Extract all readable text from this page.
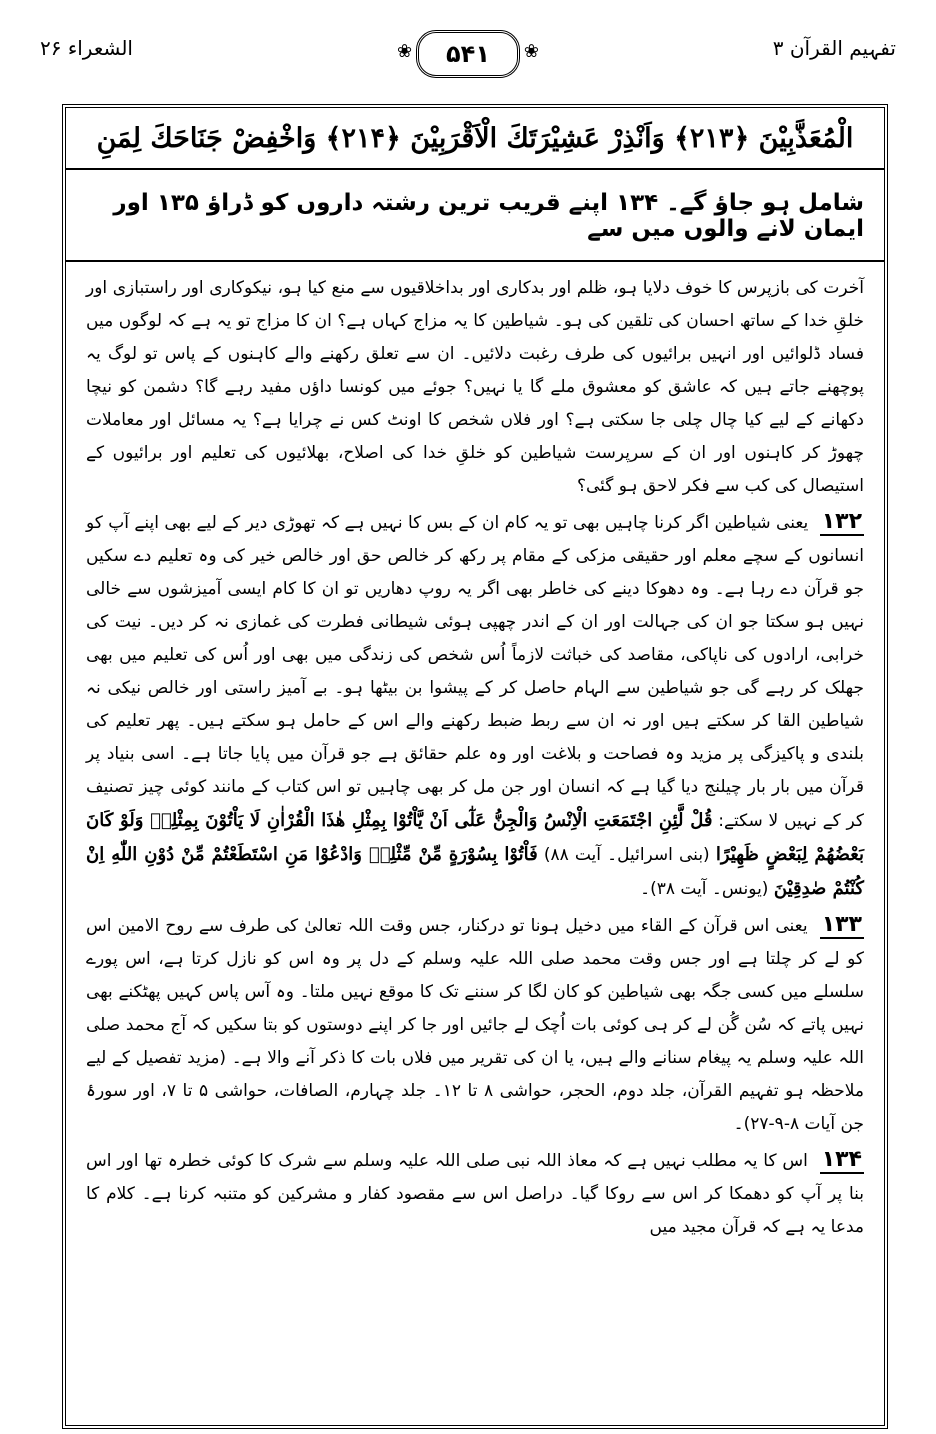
تفہیم القرآن ۳
❀ ۵۴۱ ❀
الشعراء ۲۶
الْمُعَذَّبِيْنَ ﴿۲۱۳﴾ وَاَنْذِرْ عَشِيْرَتَكَ الْاَقْرَبِيْنَ ﴿۲۱۴﴾ وَاخْفِضْ جَنَاحَكَ لِمَنِ
شامل ہو جاؤ گے۔ ۱۳۴ اپنے قریب ترین رشتہ داروں کو ڈراؤ ۱۳۵ اور ایمان لانے والوں میں سے

آخرت کی بازپرس کا خوف دلایا ہو، ظلم اور بدکاری اور بداخلاقیوں سے منع کیا ہو، نیکوکاری اور راستبازی اور خلقِ خدا کے ساتھ احسان کی تلقین کی ہو۔ شیاطین کا یہ مزاج کہاں ہے؟ ان کا مزاج تو یہ ہے کہ لوگوں میں فساد ڈلوائیں اور انہیں برائیوں کی طرف رغبت دلائیں۔ ان سے تعلق رکھنے والے کاہنوں کے پاس تو لوگ یہ پوچھنے جاتے ہیں کہ عاشق کو معشوق ملے گا یا نہیں؟ جوئے میں کونسا داؤں مفید رہے گا؟ دشمن کو نیچا دکھانے کے لیے کیا چال چلی جا سکتی ہے؟ اور فلاں شخص کا اونٹ کس نے چرایا ہے؟ یہ مسائل اور معاملات چھوڑ کر کاہنوں اور ان کے سرپرست شیاطین کو خلقِ خدا کی اصلاح، بھلائیوں کی تعلیم اور برائیوں کے استیصال کی کب سے فکر لاحق ہو گئی؟

۱۳۲ یعنی شیاطین اگر کرنا چاہیں بھی تو یہ کام ان کے بس کا نہیں ہے کہ تھوڑی دیر کے لیے بھی اپنے آپ کو انسانوں کے سچے معلم اور حقیقی مزکی کے مقام پر رکھ کر خالص حق اور خالص خیر کی وہ تعلیم دے سکیں جو قرآن دے رہا ہے۔ وہ دھوکا دینے کی خاطر بھی اگر یہ روپ دھاریں تو ان کا کام ایسی آمیزشوں سے خالی نہیں ہو سکتا جو ان کی جہالت اور ان کے اندر چھپی ہوئی شیطانی فطرت کی غمازی نہ کر دیں۔ نیت کی خرابی، ارادوں کی ناپاکی، مقاصد کی خباثت لازماً اُس شخص کی زندگی میں بھی اور اُس کی تعلیم میں بھی جھلک کر رہے گی جو شیاطین سے الہام حاصل کر کے پیشوا بن بیٹھا ہو۔ بے آمیز راستی اور خالص نیکی نہ شیاطین القا کر سکتے ہیں اور نہ ان سے ربط ضبط رکھنے والے اس کے حامل ہو سکتے ہیں۔ پھر تعلیم کی بلندی و پاکیزگی پر مزید وہ فصاحت و بلاغت اور وہ علم حقائق ہے جو قرآن میں پایا جاتا ہے۔ اسی بنیاد پر قرآن میں بار بار چیلنج دیا گیا ہے کہ انسان اور جن مل کر بھی چاہیں تو اس کتاب کے مانند کوئی چیز تصنیف کر کے نہیں لا سکتے: قُلْ لَّئِنِ اجْتَمَعَتِ الْاِنْسُ وَالْجِنُّ عَلٰٓى اَنْ يَّاْتُوْا بِمِثْلِ هٰذَا الْقُرْاٰنِ لَا يَاْتُوْنَ بِمِثْلِهٖ وَلَوْ كَانَ بَعْضُهُمْ لِبَعْضٍ ظَهِيْرًا (بنی اسرائیل۔ آیت ۸۸) فَاْتُوْا بِسُوْرَةٍ مِّنْ مِّثْلِهٖ وَادْعُوْا مَنِ اسْتَطَعْتُمْ مِّنْ دُوْنِ اللّٰهِ اِنْ كُنْتُمْ صٰدِقِيْنَ (یونس۔ آیت ۳۸)۔

۱۳۳ یعنی اس قرآن کے القاء میں دخیل ہونا تو درکنار، جس وقت اللہ تعالیٰ کی طرف سے روح الامین اس کو لے کر چلتا ہے اور جس وقت محمد صلی اللہ علیہ وسلم کے دل پر وہ اس کو نازل کرتا ہے، اس پورے سلسلے میں کسی جگہ بھی شیاطین کو کان لگا کر سننے تک کا موقع نہیں ملتا۔ وہ آس پاس کہیں پھٹکنے بھی نہیں پاتے کہ سُن گُن لے کر ہی کوئی بات اُچک لے جائیں اور جا کر اپنے دوستوں کو بتا سکیں کہ آج محمد صلی اللہ علیہ وسلم یہ پیغام سنانے والے ہیں، یا ان کی تقریر میں فلاں بات کا ذکر آنے والا ہے۔ (مزید تفصیل کے لیے ملاحظہ ہو تفہیم القرآن، جلد دوم، الحجر، حواشی ۸ تا ۱۲۔ جلد چہارم، الصافات، حواشی ۵ تا ۷، اور سورۂ جن آیات ۸-۹-۲۷)۔

۱۳۴ اس کا یہ مطلب نہیں ہے کہ معاذ اللہ نبی صلی اللہ علیہ وسلم سے شرک کا کوئی خطرہ تھا اور اس بنا پر آپ کو دھمکا کر اس سے روکا گیا۔ دراصل اس سے مقصود کفار و مشرکین کو متنبہ کرنا ہے۔ کلام کا مدعا یہ ہے کہ قرآن مجید میں
